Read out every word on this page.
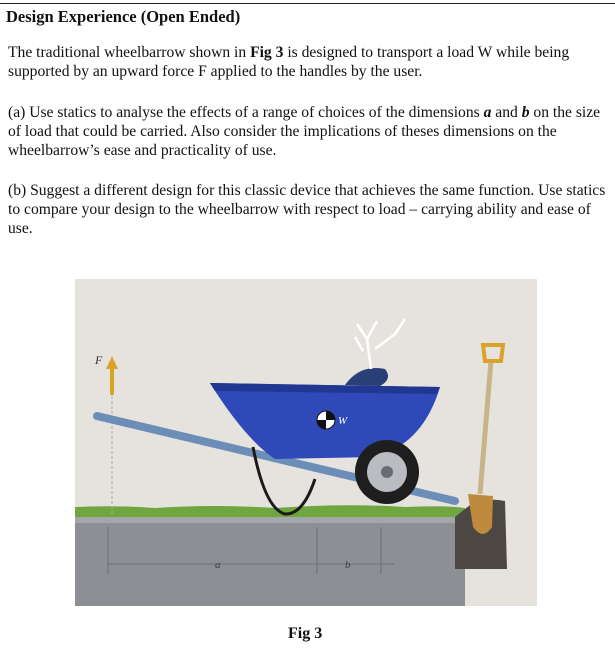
Design Experience (Open Ended)

The traditional wheelbarrow shown in Fig 3 is designed to transport a load W while being supported by an upward force F applied to the handles by the user.

(a) Use statics to analyse the effects of a range of choices of the dimensions a and b on the size of load that could be carried. Also consider the implications of theses dimensions on the wheelbarrow’s ease and practicality of use.

(b) Suggest a different design for this classic device that achieves the same function. Use statics to compare your design to the wheelbarrow with respect to load – carrying ability and ease of use.

a	b
F
W
Fig 3
